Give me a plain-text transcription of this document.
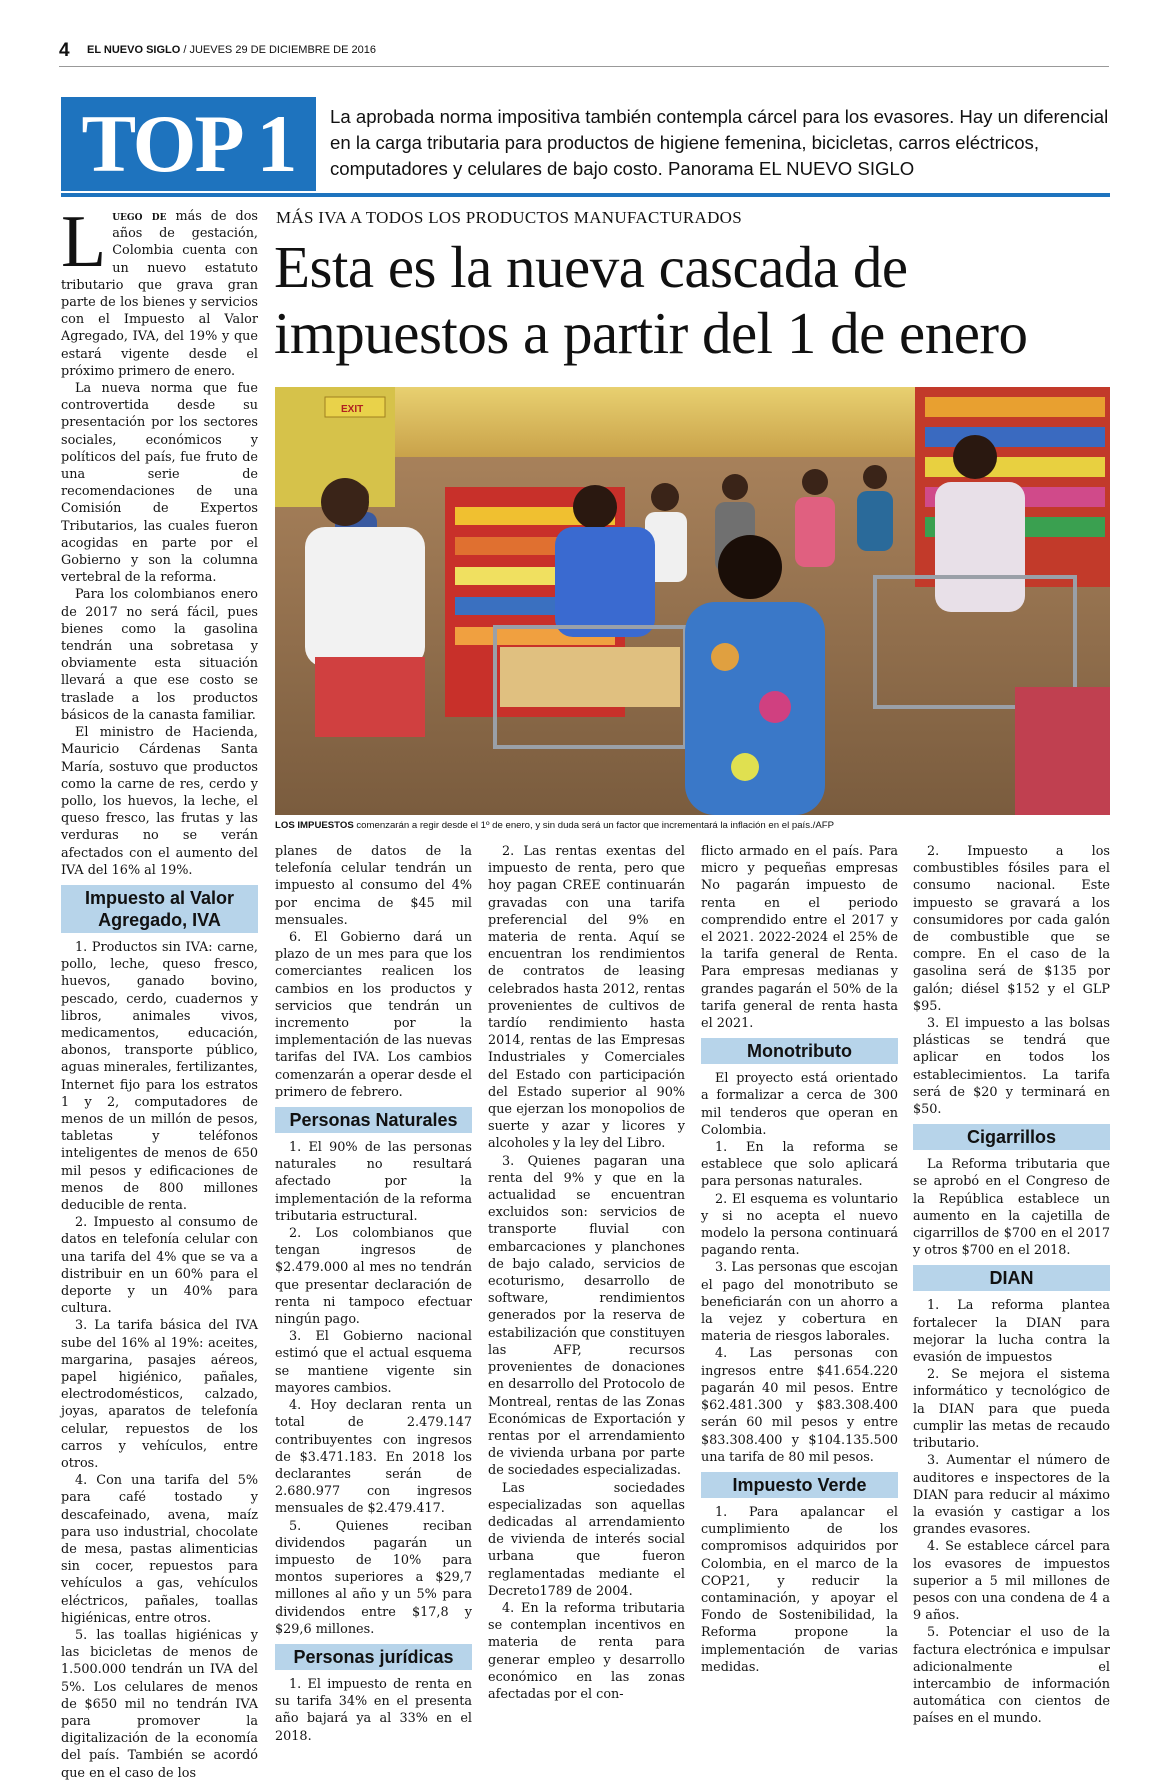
4 EL NUEVO SIGLO / JUEVES 29 DE DICIEMBRE DE 2016
TOP 1	La aprobada norma impositiva también contempla cárcel para los evasores. Hay un diferencial en la carga tributaria para productos de higiene femenina, bicicletas, carros eléctricos, computadores y celulares de bajo costo. Panorama EL NUEVO SIGLO
MÁS IVA A TODOS LOS PRODUCTOS MANUFACTURADOS
Esta es la nueva cascada de impuestos a partir del 1 de enero
EXIT
LOS IMPUESTOS comenzarán a regir desde el 1º de enero, y sin duda será un factor que incrementará la inflación en el país./AFP

Luego de más de dos años de gestación, Colombia cuenta con un nuevo estatuto tributario que grava gran parte de los bienes y servicios con el Impuesto al Valor Agregado, IVA, del 19% y que estará vigente desde el próximo primero de enero.

La nueva norma que fue controvertida desde su presentación por los sectores sociales, económicos y políticos del país, fue fruto de una serie de recomendaciones de una Comisión de Expertos Tributarios, las cuales fueron acogidas en parte por el Gobierno y son la columna vertebral de la reforma.

Para los colombianos enero de 2017 no será fácil, pues bienes como la gasolina tendrán una sobretasa y obviamente esta situación llevará a que ese costo se traslade a los productos básicos de la canasta familiar.

El ministro de Hacienda, Mauricio Cárdenas Santa María, sostuvo que productos como la carne de res, cerdo y pollo, los huevos, la leche, el queso fresco, las frutas y las verduras no se verán afectados con el aumento del IVA del 16% al 19%.

Impuesto al Valor Agregado, IVA

1. Productos sin IVA: carne, pollo, leche, queso fresco, huevos, ganado bovino, pescado, cerdo, cuadernos y libros, animales vivos, medicamentos, educación, abonos, transporte público, aguas minerales, fertilizantes, Internet fijo para los estratos 1 y 2, computadores de menos de un millón de pesos, tabletas y teléfonos inteligentes de menos de 650 mil pesos y edificaciones de menos de 800 millones deducible de renta.

2. Impuesto al consumo de datos en telefonía celular con una tarifa del 4% que se va a distribuir en un 60% para el deporte y un 40% para cultura.

3. La tarifa básica del IVA sube del 16% al 19%: aceites, margarina, pasajes aéreos, papel higiénico, pañales, electrodomésticos, calzado, joyas, aparatos de telefonía celular, repuestos de los carros y vehículos, entre otros.

4. Con una tarifa del 5% para café tostado y descafeinado, avena, maíz para uso industrial, chocolate de mesa, pastas alimenticias sin cocer, repuestos para vehículos a gas, vehículos eléctricos, pañales, toallas higiénicas, entre otros.

5. las toallas higiénicas y las bicicletas de menos de 1.500.000 tendrán un IVA del 5%. Los celulares de menos de $650 mil no tendrán IVA para promover la digitalización de la economía del país. También se acordó que en el caso de los

planes de datos de la telefonía celular tendrán un impuesto al consumo del 4% por encima de $45 mil mensuales.

6. El Gobierno dará un plazo de un mes para que los comerciantes realicen los cambios en los productos y servicios que tendrán un incremento por la implementación de las nuevas tarifas del IVA. Los cambios comenzarán a operar desde el primero de febrero.

Personas Naturales

1. El 90% de las personas naturales no resultará afectado por la implementación de la reforma tributaria estructural.

2. Los colombianos que tengan ingresos de $2.479.000 al mes no tendrán que presentar declaración de renta ni tampoco efectuar ningún pago.

3. El Gobierno nacional estimó que el actual esquema se mantiene vigente sin mayores cambios.

4. Hoy declaran renta un total de 2.479.147 contribuyentes con ingresos de $3.471.183. En 2018 los declarantes serán de 2.680.977 con ingresos mensuales de $2.479.417.

5. Quienes reciban dividendos pagarán un impuesto de 10% para montos superiores a $29,7 millones al año y un 5% para dividendos entre $17,8 y $29,6 millones.

Personas jurídicas

1. El impuesto de renta en su tarifa 34% en el presenta año bajará ya al 33% en el 2018.

2. Las rentas exentas del impuesto de renta, pero que hoy pagan CREE continuarán gravadas con una tarifa preferencial del 9% en materia de renta. Aquí se encuentran los rendimientos de contratos de leasing celebrados hasta 2012, rentas provenientes de cultivos de tardío rendimiento hasta 2014, rentas de las Empresas Industriales y Comerciales del Estado con participación del Estado superior al 90% que ejerzan los monopolios de suerte y azar y licores y alcoholes y la ley del Libro.

3. Quienes pagaran una renta del 9% y que en la actualidad se encuentran excluidos son: servicios de transporte fluvial con embarcaciones y planchones de bajo calado, servicios de ecoturismo, desarrollo de software, rendimientos generados por la reserva de estabilización que constituyen las AFP, recursos provenientes de donaciones en desarrollo del Protocolo de Montreal, rentas de las Zonas Económicas de Exportación y rentas por el arrendamiento de vivienda urbana por parte de sociedades especializadas.

Las sociedades especializadas son aquellas dedicadas al arrendamiento de vivienda de interés social urbana que fueron reglamentadas mediante el Decreto1789 de 2004.

4. En la reforma tributaria se contemplan incentivos en materia de renta para generar empleo y desarrollo económico en las zonas afectadas por el con-

flicto armado en el país. Para micro y pequeñas empresas No pagarán impuesto de renta en el periodo comprendido entre el 2017 y el 2021. 2022-2024 el 25% de la tarifa general de Renta. Para empresas medianas y grandes pagarán el 50% de la tarifa general de renta hasta el 2021.

Monotributo

El proyecto está orientado a formalizar a cerca de 300 mil tenderos que operan en Colombia.

1. En la reforma se establece que solo aplicará para personas naturales.

2. El esquema es voluntario y si no acepta el nuevo modelo la persona continuará pagando renta.

3. Las personas que escojan el pago del monotributo se beneficiarán con un ahorro a la vejez y cobertura en materia de riesgos laborales.

4. Las personas con ingresos entre $41.654.220 pagarán 40 mil pesos. Entre $62.481.300 y $83.308.400 serán 60 mil pesos y entre $83.308.400 y $104.135.500 una tarifa de 80 mil pesos.

Impuesto Verde

1. Para apalancar el cumplimiento de los compromisos adquiridos por Colombia, en el marco de la COP21, y reducir la contaminación, y apoyar el Fondo de Sostenibilidad, la Reforma propone la implementación de varias medidas.

2. Impuesto a los combustibles fósiles para el consumo nacional. Este impuesto se gravará a los consumidores por cada galón de combustible que se compre. En el caso de la gasolina será de $135 por galón; diésel $152 y el GLP $95.

3. El impuesto a las bolsas plásticas se tendrá que aplicar en todos los establecimientos. La tarifa será de $20 y terminará en $50.

Cigarrillos

La Reforma tributaria que se aprobó en el Congreso de la República establece un aumento en la cajetilla de cigarrillos de $700 en el 2017 y otros $700 en el 2018.

DIAN

1. La reforma plantea fortalecer la DIAN para mejorar la lucha contra la evasión de impuestos

2. Se mejora el sistema informático y tecnológico de la DIAN para que pueda cumplir las metas de recaudo tributario.

3. Aumentar el número de auditores e inspectores de la DIAN para reducir al máximo la evasión y castigar a los grandes evasores.

4. Se establece cárcel para los evasores de impuestos superior a 5 mil millones de pesos con una condena de 4 a 9 años.

5. Potenciar el uso de la factura electrónica e impulsar adicionalmente el intercambio de información automática con cientos de países en el mundo.
